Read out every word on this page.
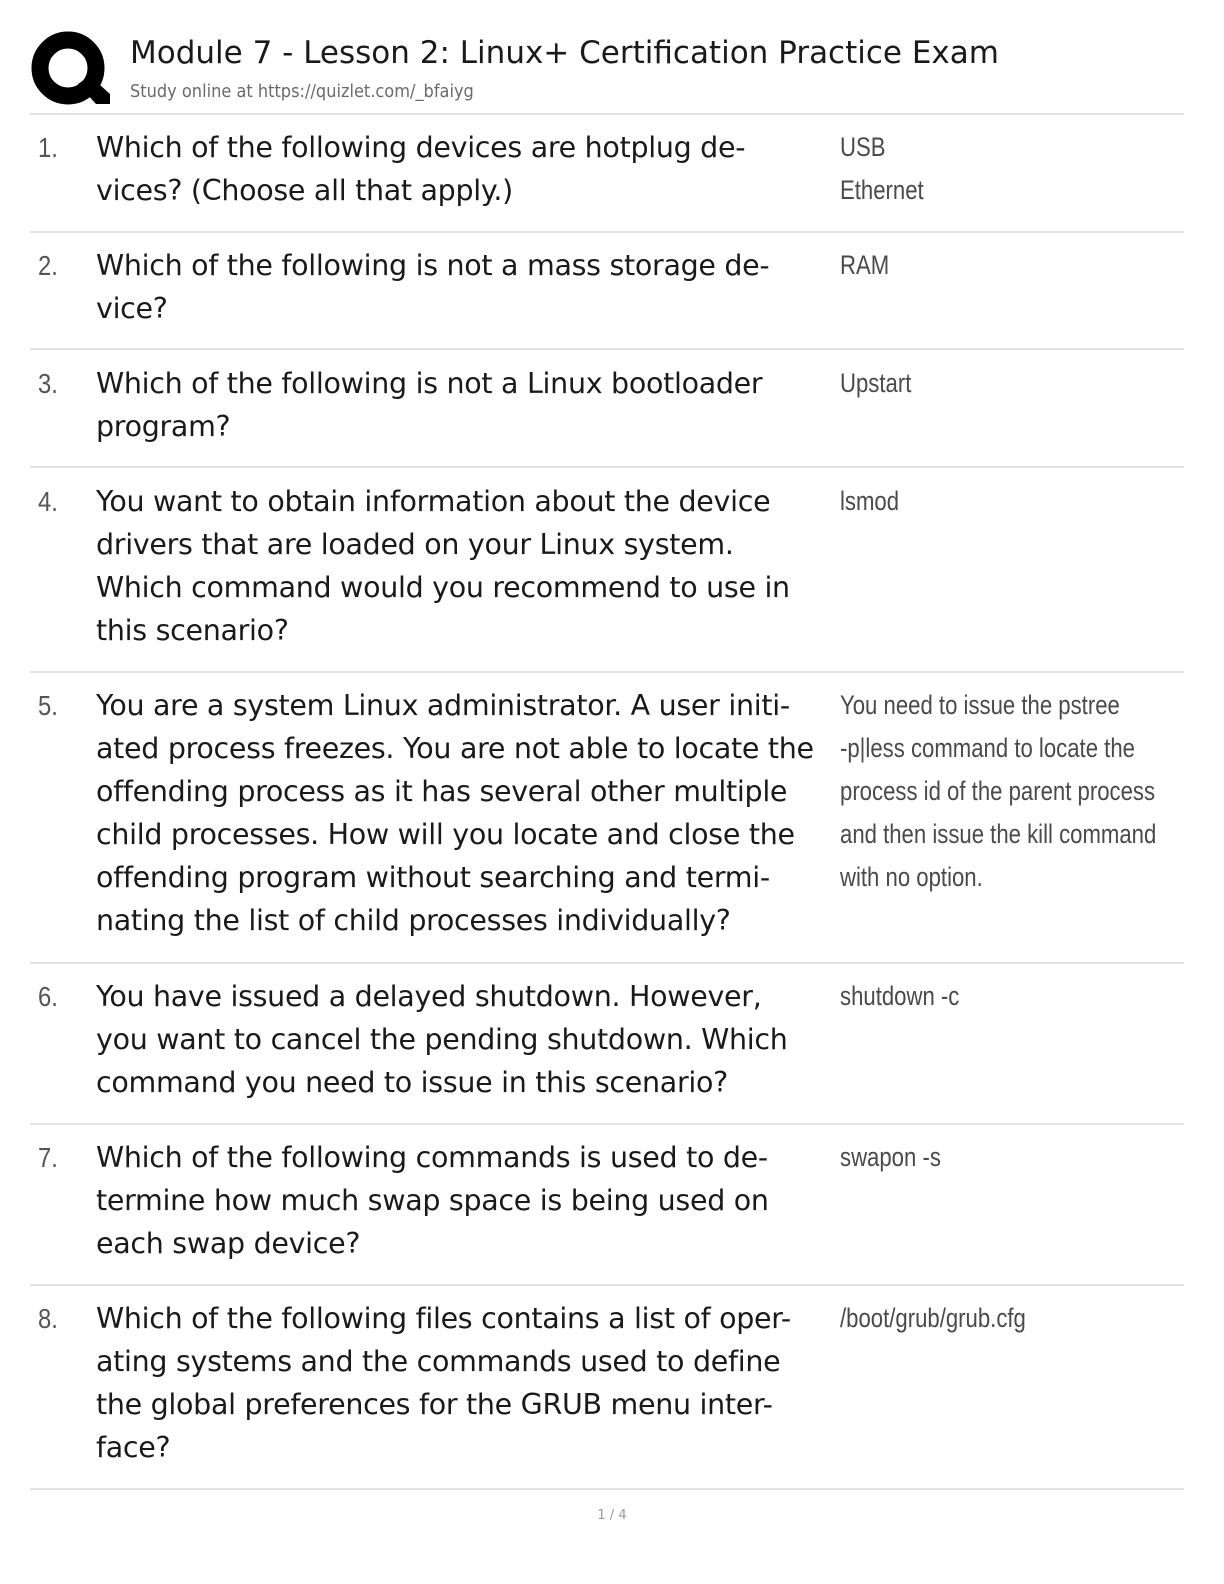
Module 7 - Lesson 2: Linux+ Certification Practice Exam
Study online at https://quizlet.com/_bfaiyg
1. Which of the following devices are hotplug de-
vices? (Choose all that apply.)
USB
Ethernet
2. Which of the following is not a mass storage de-
vice?
RAM
3. Which of the following is not a Linux bootloader
program?
Upstart
4. You want to obtain information about the device
drivers that are loaded on your Linux system.
Which command would you recommend to use in
this scenario?
lsmod
5. You are a system Linux administrator. A user initi-
ated process freezes. You are not able to locate the
offending process as it has several other multiple
child processes. How will you locate and close the
offending program without searching and termi-
nating the list of child processes individually?
You need to issue the pstree
-p|less command to locate the
process id of the parent process
and then issue the kill command
with no option.
6. You have issued a delayed shutdown. However,
you want to cancel the pending shutdown. Which
command you need to issue in this scenario?
shutdown -c
7. Which of the following commands is used to de-
termine how much swap space is being used on
each swap device?
swapon -s
8. Which of the following files contains a list of oper-
ating systems and the commands used to define
the global preferences for the GRUB menu inter-
face?
/boot/grub/grub.cfg
1 / 4
